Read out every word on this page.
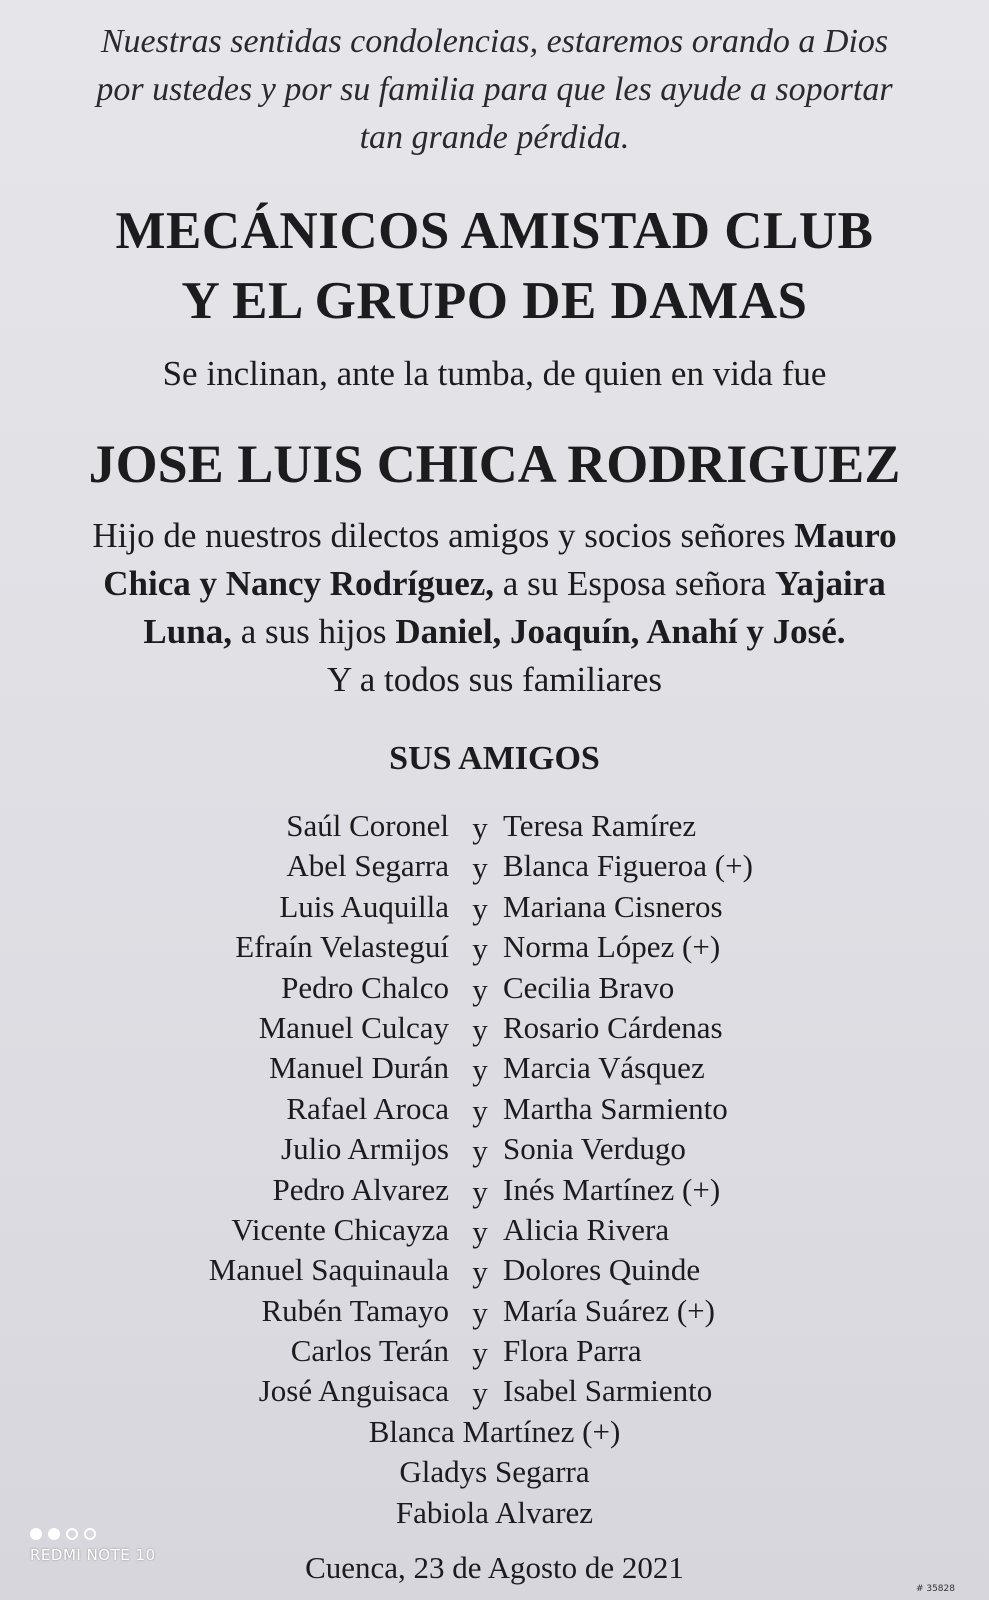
Nuestras sentidas condolencias, estaremos orando a Dios
por ustedes y por su familia para que les ayude a soportar
tan grande pérdida.
MECÁNICOS AMISTAD CLUB
Y EL GRUPO DE DAMAS
Se inclinan, ante la tumba, de quien en vida fue
JOSE LUIS CHICA RODRIGUEZ
Hijo de nuestros dilectos amigos y socios señores Mauro
Chica y Nancy Rodríguez, a su Esposa señora Yajaira
Luna, a sus hijos Daniel, Joaquín, Anahí y José.
Y a todos sus familiares
SUS AMIGOS
Saúl Coronel y Teresa Ramírez
Abel Segarra y Blanca Figueroa (+)
Luis Auquilla y Mariana Cisneros
Efraín Velasteguí y Norma López (+)
Pedro Chalco y Cecilia Bravo
Manuel Culcay y Rosario Cárdenas
Manuel Durán y Marcia Vásquez
Rafael Aroca y Martha Sarmiento
Julio Armijos y Sonia Verdugo
Pedro Alvarez y Inés Martínez (+)
Vicente Chicayza y Alicia Rivera
Manuel Saquinaula y Dolores Quinde
Rubén Tamayo y María Suárez (+)
Carlos Terán y Flora Parra
José Anguisaca y Isabel Sarmiento
Blanca Martínez (+)
Gladys Segarra
Fabiola Alvarez
Cuenca, 23 de Agosto de 2021
# 35828
REDMI NOTE 10
